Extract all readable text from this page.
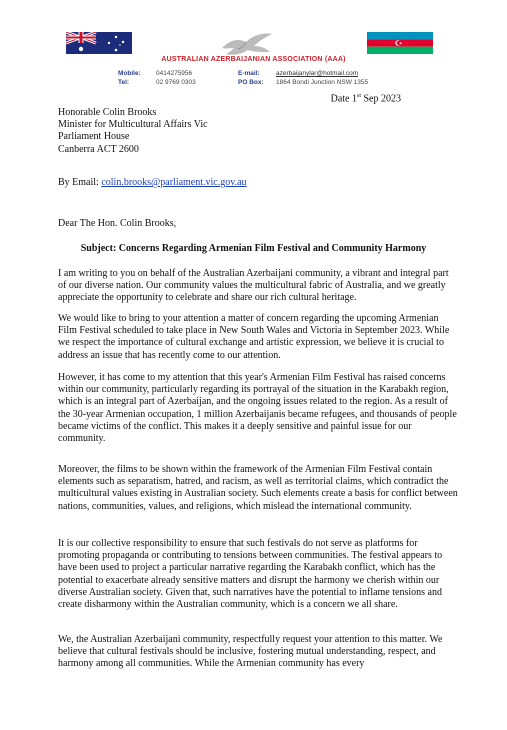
AUSTRALIAN AZERBAIJANIAN ASSOCIATION (AAA)
Mobile: 0414275956
Tel:	02 9769 0303
E-mail:	azerbaijanylar@hotmail.com
PO Box: 1864 Bondi Junction NSW 1355
Date 1st Sep 2023
Honorable Colin Brooks
Minister for Multicultural Affairs Vic
Parliament House
Canberra ACT 2600
By Email: colin.brooks@parliament.vic.gov.au
Dear The Hon. Colin Brooks,
Subject: Concerns Regarding Armenian Film Festival and Community Harmony

I am writing to you on behalf of the Australian Azerbaijani community, a vibrant and integral part of our diverse nation. Our community values the multicultural fabric of Australia, and we greatly appreciate the opportunity to celebrate and share our rich cultural heritage.

We would like to bring to your attention a matter of concern regarding the upcoming Armenian Film Festival scheduled to take place in New South Wales and Victoria in September 2023. While we respect the importance of cultural exchange and artistic expression, we believe it is crucial to address an issue that has recently come to our attention.

However, it has come to my attention that this year's Armenian Film Festival has raised concerns within our community, particularly regarding its portrayal of the situation in the Karabakh region, which is an integral part of Azerbaijan, and the ongoing issues related to the region. As a result of the 30-year Armenian occupation, 1 million Azerbaijanis became refugees, and thousands of people became victims of the conflict. This makes it a deeply sensitive and painful issue for our community.

Moreover, the films to be shown within the framework of the Armenian Film Festival contain elements such as separatism, hatred, and racism, as well as territorial claims, which contradict the multicultural values existing in Australian society. Such elements create a basis for conflict between nations, communities, values, and religions, which mislead the international community.

It is our collective responsibility to ensure that such festivals do not serve as platforms for promoting propaganda or contributing to tensions between communities. The festival appears to have been used to project a particular narrative regarding the Karabakh conflict, which has the potential to exacerbate already sensitive matters and disrupt the harmony we cherish within our diverse Australian society. Given that, such narratives have the potential to inflame tensions and create disharmony within the Australian community, which is a concern we all share.

We, the Australian Azerbaijani community, respectfully request your attention to this matter. We believe that cultural festivals should be inclusive, fostering mutual understanding, respect, and harmony among all communities. While the Armenian community has every
